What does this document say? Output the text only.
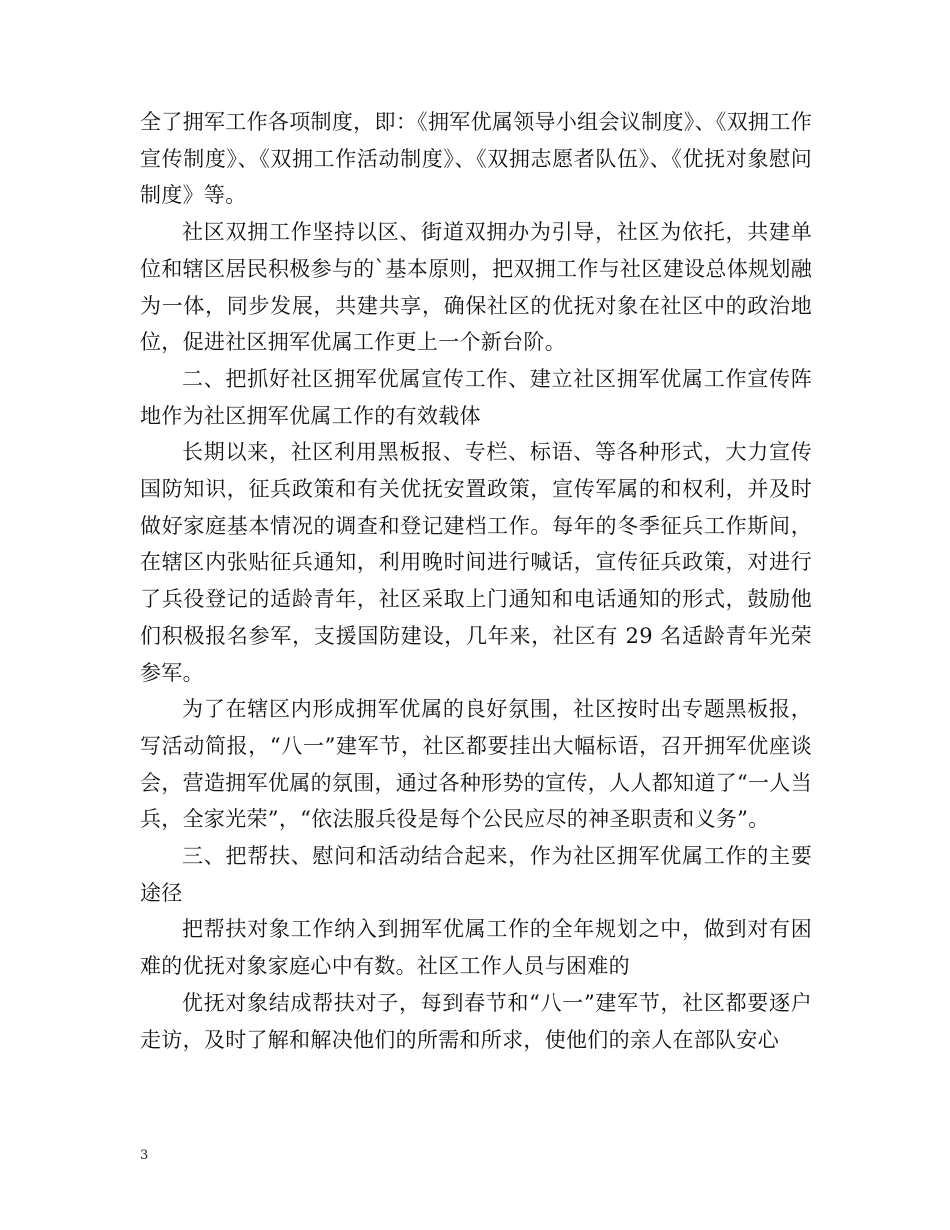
全了拥军工作各项制度，即：《拥军优属领导小组会议制度》、《双拥工作宣传制度》、《双拥工作活动制度》、《双拥志愿者队伍》、《优抚对象慰问制度》等。

社区双拥工作坚持以区、街道双拥办为引导，社区为依托，共建单位和辖区居民积极参与的`基本原则，把双拥工作与社区建设总体规划融为一体，同步发展，共建共享，确保社区的优抚对象在社区中的政治地位，促进社区拥军优属工作更上一个新台阶。

二、把抓好社区拥军优属宣传工作、建立社区拥军优属工作宣传阵地作为社区拥军优属工作的有效载体

长期以来，社区利用黑板报、专栏、标语、等各种形式，大力宣传国防知识，征兵政策和有关优抚安置政策，宣传军属的和权利，并及时做好家庭基本情况的调查和登记建档工作。每年的冬季征兵工作斯间，在辖区内张贴征兵通知，利用晚时间进行喊话，宣传征兵政策，对进行了兵役登记的适龄青年，社区采取上门通知和电话通知的形式，鼓励他们积极报名参军，支援国防建设，几年来，社区有 29 名适龄青年光荣参军。

为了在辖区内形成拥军优属的良好氛围，社区按时出专题黑板报，写活动简报，“八一”建军节，社区都要挂出大幅标语，召开拥军优座谈会，营造拥军优属的氛围，通过各种形势的宣传，人人都知道了“一人当兵，全家光荣”，“依法服兵役是每个公民应尽的神圣职责和义务”。

三、把帮扶、慰问和活动结合起来，作为社区拥军优属工作的主要途径

把帮扶对象工作纳入到拥军优属工作的全年规划之中，做到对有困难的优抚对象家庭心中有数。社区工作人员与困难的

优抚对象结成帮扶对子，每到春节和“八一”建军节，社区都要逐户走访，及时了解和解决他们的所需和所求，使他们的亲人在部队安心

3
